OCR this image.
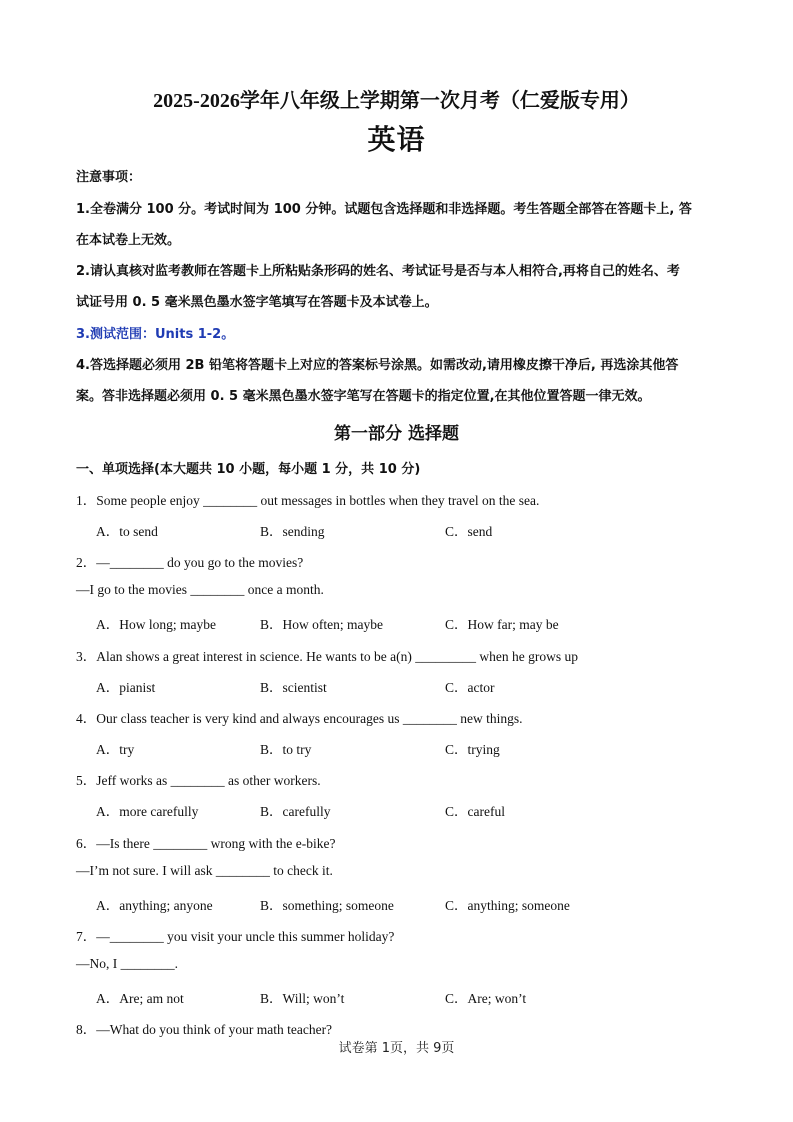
2025-2026学年八年级上学期第一次月考（仁爱版专用）
英语
注意事项：
1.全卷满分 100 分。考试时间为 100 分钟。试题包含选择题和非选择题。考生答题全部答在答题卡上, 答
在本试卷上无效。
2.请认真核对监考教师在答题卡上所粘贴条形码的姓名、考试证号是否与本人相符合,再将自己的姓名、考
试证号用 0. 5 毫米黑色墨水签字笔填写在答题卡及本试卷上。
3.测试范围：Units 1-2。
4.答选择题必须用 2B 铅笔将答题卡上对应的答案标号涂黑。如需改动,请用橡皮擦干净后, 再选涂其他答
案。答非选择题必须用 0. 5 毫米黑色墨水签字笔写在答题卡的指定位置,在其他位置答题一律无效。
第一部分 选择题
一、单项选择(本大题共 10 小题，每小题 1 分，共 10 分)
1．Some people enjoy ________ out messages in bottles when they travel on the sea.
A．to send	B．sending	C．send
2．—________ do you go to the movies?
—I go to the movies ________ once a month.
A．How long; maybe	B．How often; maybe	C．How far; may be
3．Alan shows a great interest in science. He wants to be a(n) _________ when he grows up
A．pianist	B．scientist	C．actor
4．Our class teacher is very kind and always encourages us ________ new things.
A．try	B．to try	C．trying
5．Jeff works as ________ as other workers.
A．more carefully	B．carefully	C．careful
6．—Is there ________ wrong with the e-bike?
—I’m not sure. I will ask ________ to check it.
A．anything; anyone	B．something; someone	C．anything; someone
7．—________ you visit your uncle this summer holiday?
—No, I ________.
A．Are; am not	B．Will; won’t	C．Are; won’t
8．—What do you think of your math teacher?
试卷第 1页，共 9页
